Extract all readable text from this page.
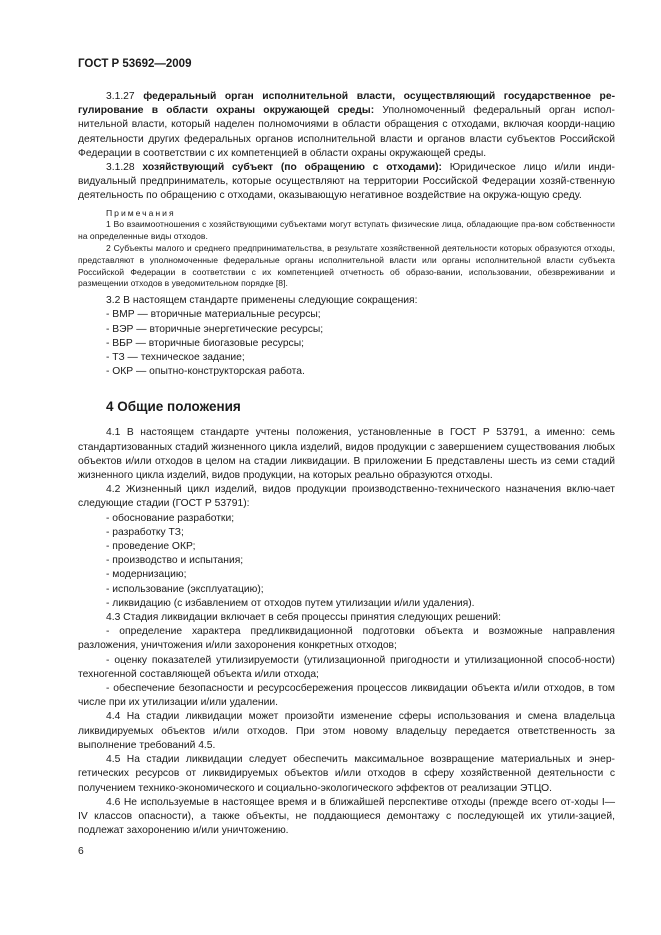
ГОСТ Р 53692—2009

3.1.27 федеральный орган исполнительной власти, осуществляющий государственное ре-гулирование в области охраны окружающей среды: Уполномоченный федеральный орган испол-нительной власти, который наделен полномочиями в области обращения с отходами, включая коорди-нацию деятельности других федеральных органов исполнительной власти и органов власти субъектов Российской Федерации в соответствии с их компетенцией в области охраны окружающей среды.

3.1.28 хозяйствующий субъект (по обращению с отходами): Юридическое лицо и/или инди-видуальный предприниматель, которые осуществляют на территории Российской Федерации хозяй-ственную деятельность по обращению с отходами, оказывающую негативное воздействие на окружа-ющую среду.

Примечания

1 Во взаимоотношения с хозяйствующими субъектами могут вступать физические лица, обладающие пра-вом собственности на определенные виды отходов.

2 Субъекты малого и среднего предпринимательства, в результате хозяйственной деятельности которых образуются отходы, представляют в уполномоченные федеральные органы исполнительной власти или органы исполнительной власти субъекта Российской Федерации в соответствии с их компетенцией отчетность об образо-вании, использовании, обезвреживании и размещении отходов в уведомительном порядке [8].

3.2 В настоящем стандарте применены следующие сокращения:

- ВМР — вторичные материальные ресурсы;
- ВЭР — вторичные энергетические ресурсы;
- ВБР — вторичные биогазовые ресурсы;
- ТЗ — техническое задание;
- ОКР — опытно-конструкторская работа.
4 Общие положения

4.1 В настоящем стандарте учтены положения, установленные в ГОСТ Р 53791, а именно: семь стандартизованных стадий жизненного цикла изделий, видов продукции с завершением существования любых объектов и/или отходов в целом на стадии ликвидации. В приложении Б представлены шесть из семи стадий жизненного цикла изделий, видов продукции, на которых реально образуются отходы.

4.2 Жизненный цикл изделий, видов продукции производственно-технического назначения вклю-чает следующие стадии (ГОСТ Р 53791):

- обоснование разработки;
- разработку ТЗ;
- проведение ОКР;
- производство и испытания;
- модернизацию;
- использование (эксплуатацию);
- ликвидацию (с избавлением от отходов путем утилизации и/или удаления).

4.3 Стадия ликвидации включает в себя процессы принятия следующих решений:

- определение характера предликвидационной подготовки объекта и возможные направления разложения, уничтожения и/или захоронения конкретных отходов;
- оценку показателей утилизируемости (утилизационной пригодности и утилизационной способ-ности) техногенной составляющей объекта и/или отхода;
- обеспечение безопасности и ресурсосбережения процессов ликвидации объекта и/или отходов, в том числе при их утилизации и/или удалении.

4.4 На стадии ликвидации может произойти изменение сферы использования и смена владельца ликвидируемых объектов и/или отходов. При этом новому владельцу передается ответственность за выполнение требований 4.5.

4.5 На стадии ликвидации следует обеспечить максимальное возвращение материальных и энер-гетических ресурсов от ликвидируемых объектов и/или отходов в сферу хозяйственной деятельности с получением технико-экономического и социально-экологического эффектов от реализации ЭТЦО.

4.6 Не используемые в настоящее время и в ближайшей перспективе отходы (прежде всего от-ходы I—IV классов опасности), а также объекты, не поддающиеся демонтажу с последующей их утили-зацией, подлежат захоронению и/или уничтожению.

6
